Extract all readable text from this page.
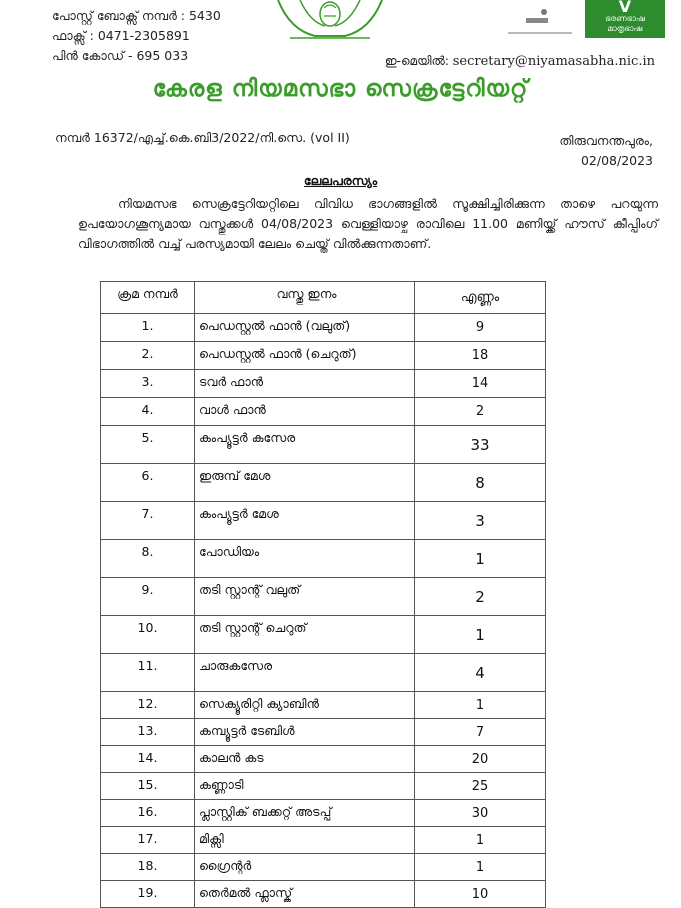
പോസ്റ്റ് ബോക്സ് നമ്പർ : 5430
ഫാക്സ് : 0471-2305891
പിൻ കോഡ് - 695 033
V
ഭരണഭാഷ
മാതൃഭാഷ
ഇ-മെയിൽ: secretary@niyamasabha.nic.in
കേരള നിയമസഭാ സെക്രട്ടേറിയറ്റ്
നമ്പർ 16372/എച്ച്.കെ.ബി3/2022/നി.സെ. (vol II)	തിരുവനന്തപുരം,
02/08/2023
ലേലപരസ്യം
നിയമസഭ സെക്രട്ടേറിയറ്റിലെ വിവിധ ഭാഗങ്ങളിൽ സൂക്ഷിച്ചിരിക്കുന്ന താഴെ പറയുന്ന ഉപയോഗശൂന്യമായ വസ്തുക്കൾ 04/08/2023 വെള്ളിയാഴ്ച രാവിലെ 11.00 മണിയ്ക്ക് ഹൗസ് കീപ്പിംഗ് വിഭാഗത്തിൽ വച്ച് പരസ്യമായി ലേലം ചെയ്ത് വിൽക്കുന്നതാണ്.
ക്രമ നമ്പർ	വസ്തു ഇനം	എണ്ണം
1.	പെഡസ്റ്റൽ ഫാൻ (വലുത്)	9
2.	പെഡസ്റ്റൽ ഫാൻ (ചെറുത്)	18
3.	ടവർ ഫാൻ	14
4.	വാൾ ഫാൻ	2
5.	കംപ്യൂട്ടർ കസേര	33
6.	ഇരുമ്പ് മേശ	8
7.	കംപ്യൂട്ടർ മേശ	3
8.	പോഡിയം	1
9.	തടി സ്റ്റാന്റ് വലുത്	2
10.	തടി സ്റ്റാന്റ് ചെറുത്	1
11.	ചാരുകസേര	4
12.	സെക്യൂരിറ്റി ക്യാബിൻ	1
13.	കമ്പ്യൂട്ടർ ടേബിൾ	7
14.	കാലൻ കട	20
15.	കണ്ണാടി	25
16.	പ്ലാസ്റ്റിക് ബക്കറ്റ് അടപ്പ്	30
17.	മിക്സി	1
18.	ഗ്രൈന്റർ	1
19.	തെർമൽ ഫ്ലാസ്ക്	10
